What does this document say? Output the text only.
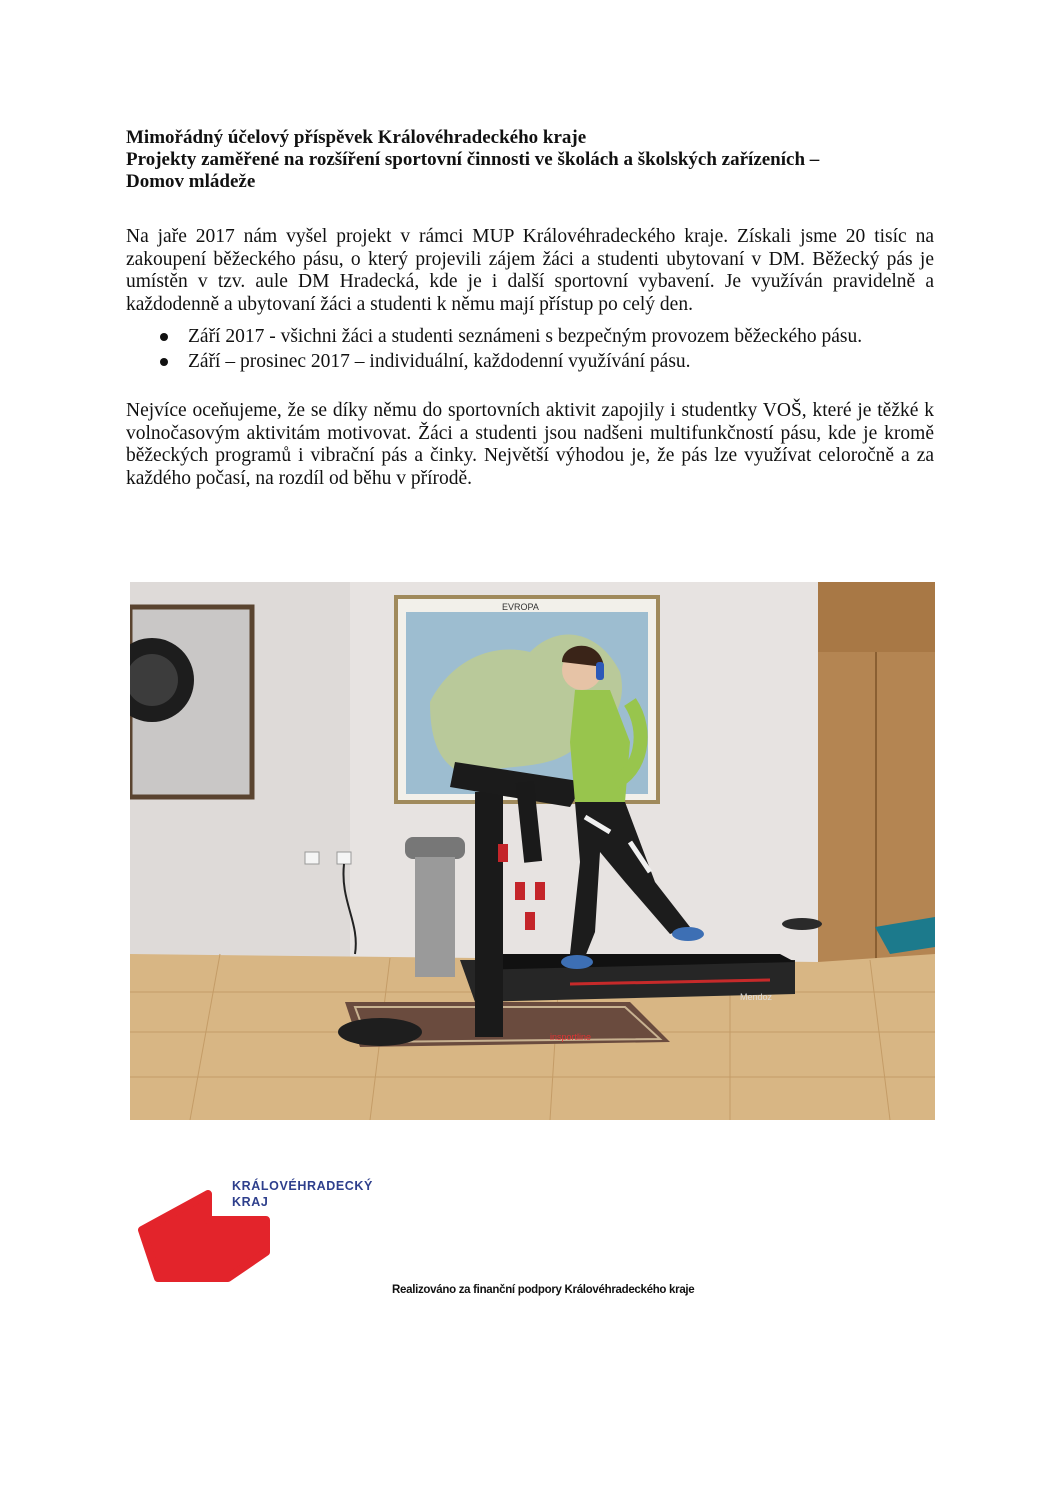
Mimořádný účelový příspěvek Královéhradeckého kraje
Projekty zaměřené na rozšíření sportovní činnosti ve školách a školských zařízeních –
Domov mládeže
Na jaře 2017 nám vyšel projekt v rámci MUP Královéhradeckého kraje. Získali jsme 20 tisíc na zakoupení běžeckého pásu, o který projevili zájem žáci a studenti ubytovaní v DM. Běžecký pás je umístěn v tzv. aule DM Hradecká, kde je i další sportovní vybavení. Je využíván pravidelně a každodenně a ubytovaní žáci a studenti k němu mají přístup po celý den.
Září 2017 - všichni žáci a studenti seznámeni s bezpečným provozem běžeckého pásu.
Září – prosinec 2017 – individuální, každodenní využívání pásu.
Nejvíce oceňujeme, že se díky němu do sportovních aktivit zapojily i studentky VOŠ, které je těžké k volnočasovým aktivitám motivovat. Žáci a studenti jsou nadšeni multifunkčností pásu, kde je kromě běžeckých programů i vibrační pás a činky. Největší výhodou je, že pás lze využívat celoročně a za každého počasí, na rozdíl od běhu v přírodě.
EVROPA
insportline
Mendoz
KRÁLOVÉHRADECKÝ
KRAJ
Realizováno za finanční podpory Královéhradeckého kraje
